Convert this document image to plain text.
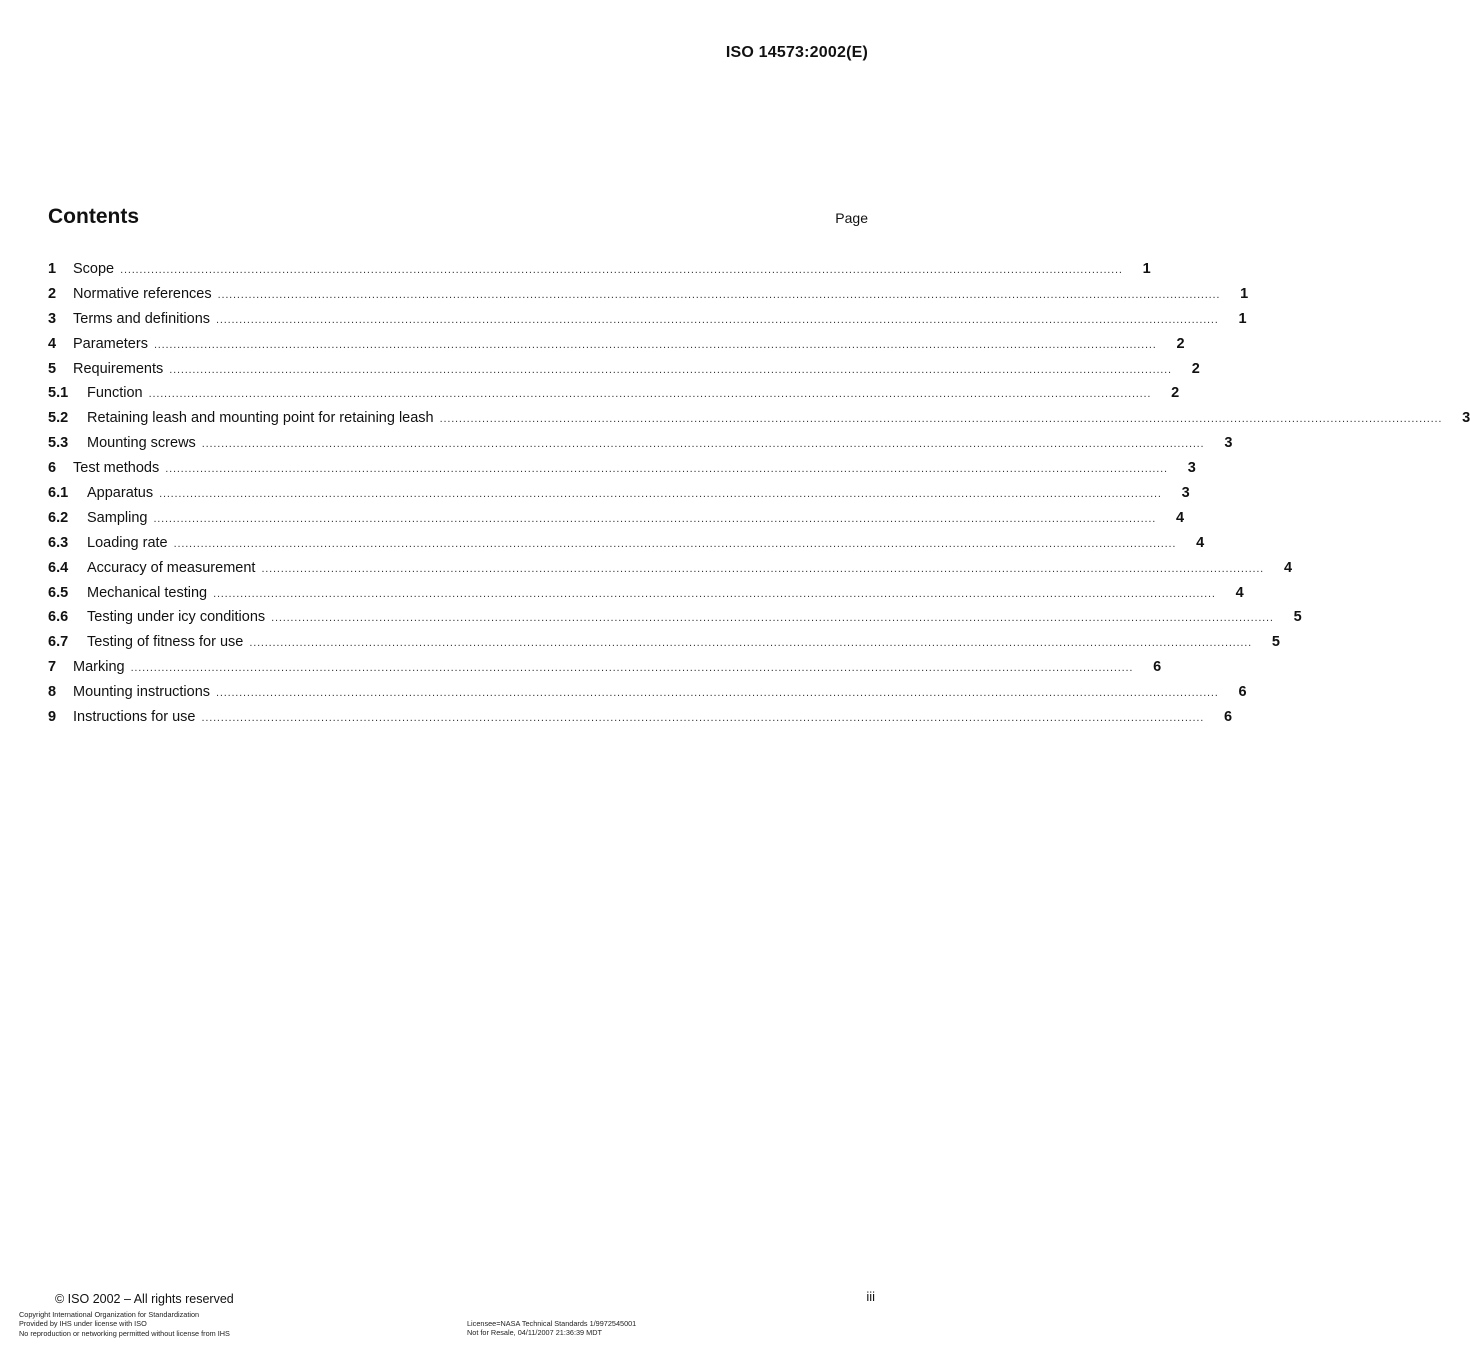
ISO 14573:2002(E)
Contents	Page
1	Scope ....................................................................................................................................................................................................................................................................	1
2	Normative references ....................................................................................................................................................................................................................................................................	1
3	Terms and definitions ....................................................................................................................................................................................................................................................................	1
4	Parameters ....................................................................................................................................................................................................................................................................	2
5	Requirements ....................................................................................................................................................................................................................................................................	2
5.1	Function ....................................................................................................................................................................................................................................................................	2
5.2	Retaining leash and mounting point for retaining leash ....................................................................................................................................................................................................................................................................	3
5.3	Mounting screws ....................................................................................................................................................................................................................................................................	3
6	Test methods ....................................................................................................................................................................................................................................................................	3
6.1	Apparatus ....................................................................................................................................................................................................................................................................	3
6.2	Sampling ....................................................................................................................................................................................................................................................................	4
6.3	Loading rate ....................................................................................................................................................................................................................................................................	4
6.4	Accuracy of measurement ....................................................................................................................................................................................................................................................................	4
6.5	Mechanical testing ....................................................................................................................................................................................................................................................................	4
6.6	Testing under icy conditions ....................................................................................................................................................................................................................................................................	5
6.7	Testing of fitness for use ....................................................................................................................................................................................................................................................................	5
7	Marking ....................................................................................................................................................................................................................................................................	6
8	Mounting instructions ....................................................................................................................................................................................................................................................................	6
9	Instructions for use ....................................................................................................................................................................................................................................................................	6
© ISO 2002 – All rights reserved	iii
Copyright International Organization for Standardization
Provided by IHS under license with ISO
No reproduction or networking permitted without license from IHS
Licensee=NASA Technical Standards 1/9972545001
Not for Resale, 04/11/2007 21:36:39 MDT
